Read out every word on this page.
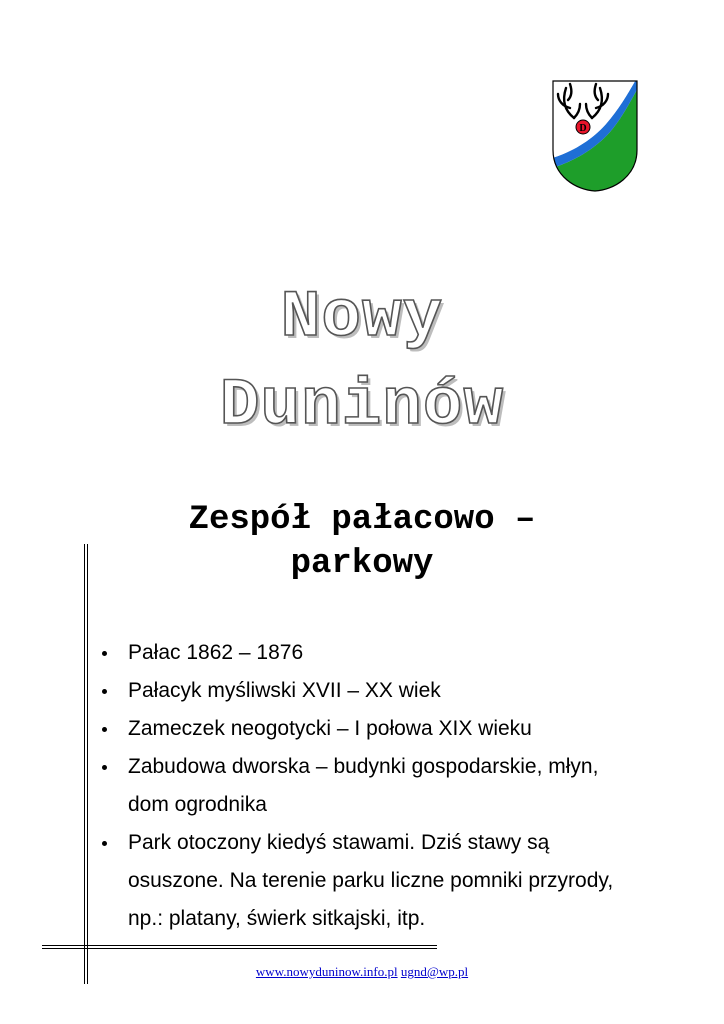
D
Nowy
Duninów
Zespół pałacowo –
parkowy
Pałac 1862 – 1876
Pałacyk myśliwski XVII – XX wiek
Zameczek neogotycki – I połowa XIX wieku
Zabudowa dworska – budynki gospodarskie, młyn,
dom ogrodnika
Park otoczony kiedyś stawami. Dziś stawy są
osuszone. Na terenie parku liczne pomniki przyrody,
np.: platany, świerk sitkajski, itp.
www.nowyduninow.info.pl ugnd@wp.pl
